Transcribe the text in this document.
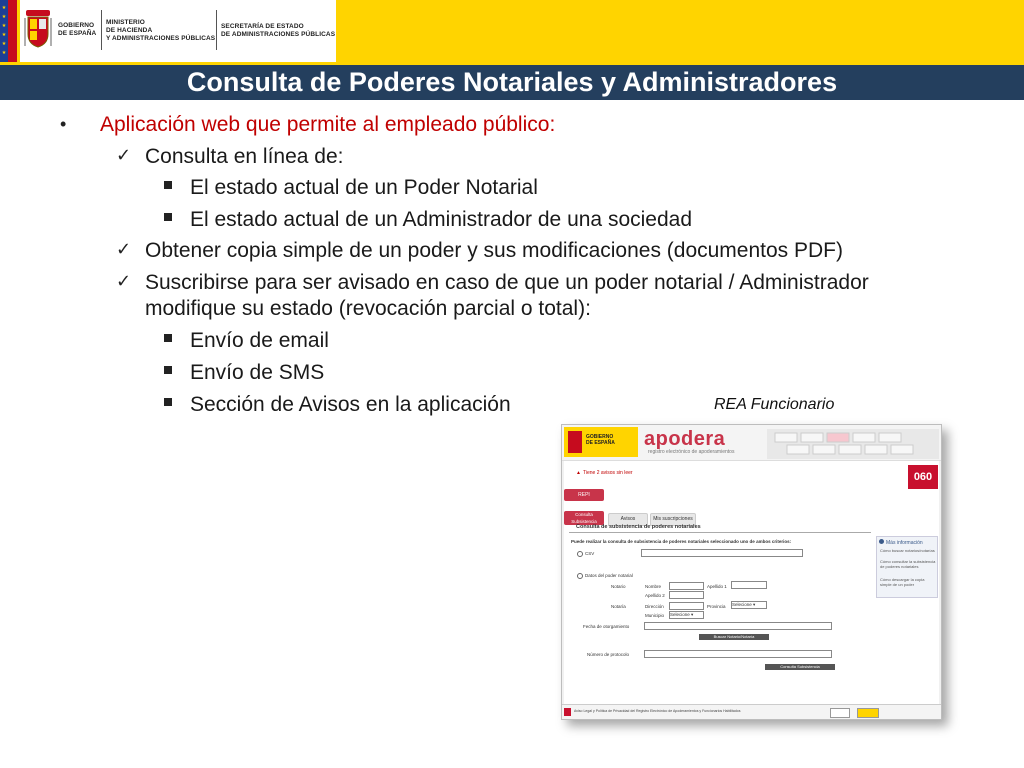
★
★
★
★
★
★
GOBIERNO
DE ESPAÑA
MINISTERIO
DE HACIENDA
Y ADMINISTRACIONES PÚBLICAS
SECRETARÍA DE ESTADO
DE ADMINISTRACIONES PÚBLICAS
Consulta de Poderes Notariales y Administradores
• Aplicación web que permite al empleado público:
✓ Consulta en línea de:
El estado actual de un Poder Notarial
El estado actual de un Administrador de una sociedad
✓ Obtener copia simple de un poder y sus modificaciones (documentos PDF)
✓ Suscribirse para ser avisado en caso de que un poder notarial / Administrador
modifique su estado (revocación parcial o total):
Envío de email
Envío de SMS
Sección de Avisos en la aplicación	REA Funcionario
GOBIERNO
DE ESPAÑA apodera
registro electrónico de apoderamientos
▲ Tiene 2 avisos sin leer	060
REPI
Consulta Subsistencia	Avisos	Mis suscripciones
Consulta de subsistencia de poderes notariales
Puede realizar la consulta de subsistencia de poderes notariales seleccionado uno de ambos criterios:
CSV
Datos del poder notarial
Notario	Nombre	Apellido 1
Apellido 2
Notaría	Dirección	Provincia Selecione ▾
Municipio Selecione ▾
Fecha de otorgamiento
Buscar Notario/Notaría
Número de protocolo
Consulta Subsistencia
Más información
Cómo buscar notarios/notarías
Cómo consultar la subsistencia de poderes notariales
Cómo descargar la copia simple de un poder
Aviso Legal y Política de Privacidad del Registro Electrónico de Apoderamientos y Funcionarios Habilitados
